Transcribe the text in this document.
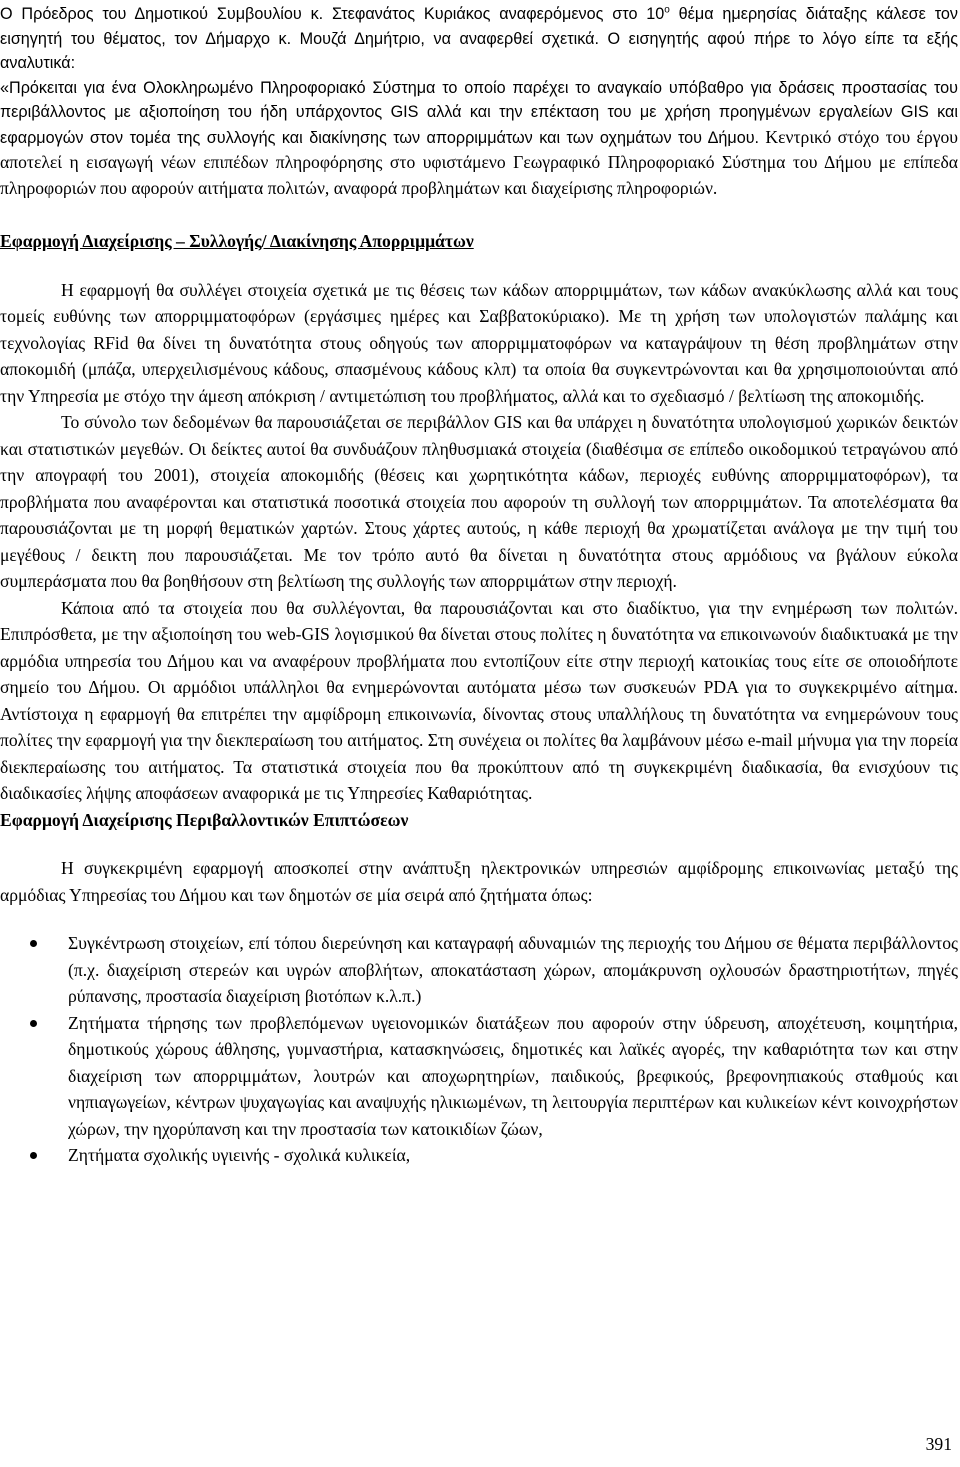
Ο Πρόεδρος του Δημοτικού Συμβουλίου κ. Στεφανάτος Κυριάκος αναφερόμενος στο $10^o$ θέμα ημερησίας διάταξης κάλεσε τον εισηγητή του θέματος, τον Δήμαρχο κ. Μουζά Δημήτριο, να αναφερθεί σχετικά. Ο εισηγητής αφού πήρε το λόγο είπε τα εξής αναλυτικά:

«Πρόκειται για ένα Ολοκληρωμένο Πληροφοριακό Σύστημα το οποίο παρέχει το αναγκαίο υπόβαθρο για δράσεις προστασίας του περιβάλλοντος με αξιοποίηση του ήδη υπάρχοντος GIS αλλά και την επέκταση του με χρήση προηγμένων εργαλείων GIS και εφαρμογών στον τομέα της συλλογής και διακίνησης των απορριμμάτων και των οχημάτων του Δήμου. Κεντρικό στόχο του έργου αποτελεί η εισαγωγή νέων επιπέδων πληροφόρησης στο υφιστάμενο Γεωγραφικό Πληροφοριακό Σύστημα του Δήμου με επίπεδα πληροφοριών που αφορούν αιτήματα πολιτών, αναφορά προβλημάτων και διαχείρισης πληροφοριών.

Εφαρμογή Διαχείρισης – Συλλογής/ Διακίνησης Απορριμμάτων

Η εφαρμογή θα συλλέγει στοιχεία σχετικά με τις θέσεις των κάδων απορριμμάτων, των κάδων ανακύκλωσης αλλά και τους τομείς ευθύνης των απορριμματοφόρων (εργάσιμες ημέρες και Σαββατοκύριακο). Με τη χρήση των υπολογιστών παλάμης και τεχνολογίας RFid θα δίνει τη δυνατότητα στους οδηγούς των απορριμματοφόρων να καταγράψουν τη θέση προβλημάτων στην αποκομιδή (μπάζα, υπερχειλισμένους κάδους, σπασμένους κάδους κλπ) τα οποία θα συγκεντρώνονται και θα χρησιμοποιούνται από την Υπηρεσία με στόχο την άμεση απόκριση / αντιμετώπιση του προβλήματος, αλλά και το σχεδιασμό / βελτίωση της αποκομιδής.

Το σύνολο των δεδομένων θα παρουσιάζεται σε περιβάλλον GIS και θα υπάρχει η δυνατότητα υπολογισμού χωρικών δεικτών και στατιστικών μεγεθών. Οι δείκτες αυτοί θα συνδυάζουν πληθυσμιακά στοιχεία (διαθέσιμα σε επίπεδο οικοδομικού τετραγώνου από την απογραφή του 2001), στοιχεία αποκομιδής (θέσεις και χωρητικότητα κάδων, περιοχές ευθύνης απορριμματοφόρων), τα προβλήματα που αναφέρονται και στατιστικά ποσοτικά στοιχεία που αφορούν τη συλλογή των απορριμμάτων. Τα αποτελέσματα θα παρουσιάζονται με τη μορφή θεματικών χαρτών. Στους χάρτες αυτούς, η κάθε περιοχή θα χρωματίζεται ανάλογα με την τιμή του μεγέθους / δεικτη που παρουσιάζεται. Με τον τρόπο αυτό θα δίνεται η δυνατότητα στους αρμόδιους να βγάλουν εύκολα συμπεράσματα που θα βοηθήσουν στη βελτίωση της συλλογής των απορριμάτων στην περιοχή.

Κάποια από τα στοιχεία που θα συλλέγονται, θα παρουσιάζονται και στο διαδίκτυο, για την ενημέρωση των πολιτών. Επιπρόσθετα, με την αξιοποίηση του web-GIS λογισμικού θα δίνεται στους πολίτες η δυνατότητα να επικοινωνούν διαδικτυακά με την αρμόδια υπηρεσία του Δήμου και να αναφέρουν προβλήματα που εντοπίζουν είτε στην περιοχή κατοικίας τους είτε σε οποιοδήποτε σημείο του Δήμου. Οι αρμόδιοι υπάλληλοι θα ενημερώνονται αυτόματα μέσω των συσκευών PDA για το συγκεκριμένο αίτημα. Αντίστοιχα η εφαρμογή θα επιτρέπει την αμφίδρομη επικοινωνία, δίνοντας στους υπαλλήλους τη δυνατότητα να ενημερώνουν τους πολίτες την εφαρμογή για την διεκπεραίωση του αιτήματος. Στη συνέχεια οι πολίτες θα λαμβάνουν μέσω e-mail μήνυμα για την πορεία διεκπεραίωσης του αιτήματος. Τα στατιστικά στοιχεία που θα προκύπτουν από τη συγκεκριμένη διαδικασία, θα ενισχύουν τις διαδικασίες λήψης αποφάσεων αναφορικά με τις Υπηρεσίες Καθαριότητας.

Εφαρμογή Διαχείρισης Περιβαλλοντικών Επιπτώσεων

Η συγκεκριμένη εφαρμογή αποσκοπεί στην ανάπτυξη ηλεκτρονικών υπηρεσιών αμφίδρομης επικοινωνίας μεταξύ της αρμόδιας Υπηρεσίας του Δήμου και των δημοτών σε μία σειρά από ζητήματα όπως:

Συγκέντρωση στοιχείων, επί τόπου διερεύνηση και καταγραφή αδυναμιών της περιοχής του Δήμου σε θέματα περιβάλλοντος (π.χ. διαχείριση στερεών και υγρών αποβλήτων, αποκατάσταση χώρων, απομάκρυνση οχλουσών δραστηριοτήτων, πηγές ρύπανσης, προστασία διαχείριση βιοτόπων κ.λ.π.)

Ζητήματα τήρησης των προβλεπόμενων υγειονομικών διατάξεων που αφορούν στην ύδρευση, αποχέτευση, κοιμητήρια, δημοτικούς χώρους άθλησης, γυμναστήρια, κατασκηνώσεις, δημοτικές και λαϊκές αγορές, την καθαριότητα των και στην διαχείριση των απορριμμάτων, λουτρών και αποχωρητηρίων, παιδικούς, βρεφικούς, βρεφονηπιακούς σταθμούς και νηπιαγωγείων, κέντρων ψυχαγωγίας και αναψυχής ηλικιωμένων, τη λειτουργία περιπτέρων και κυλικείων κέντ κοινοχρήστων χώρων, την ηχορύπανση και την προστασία των κατοικιδίων ζώων,

Ζητήματα σχολικής υγιεινής - σχολικά κυλικεία,

391
